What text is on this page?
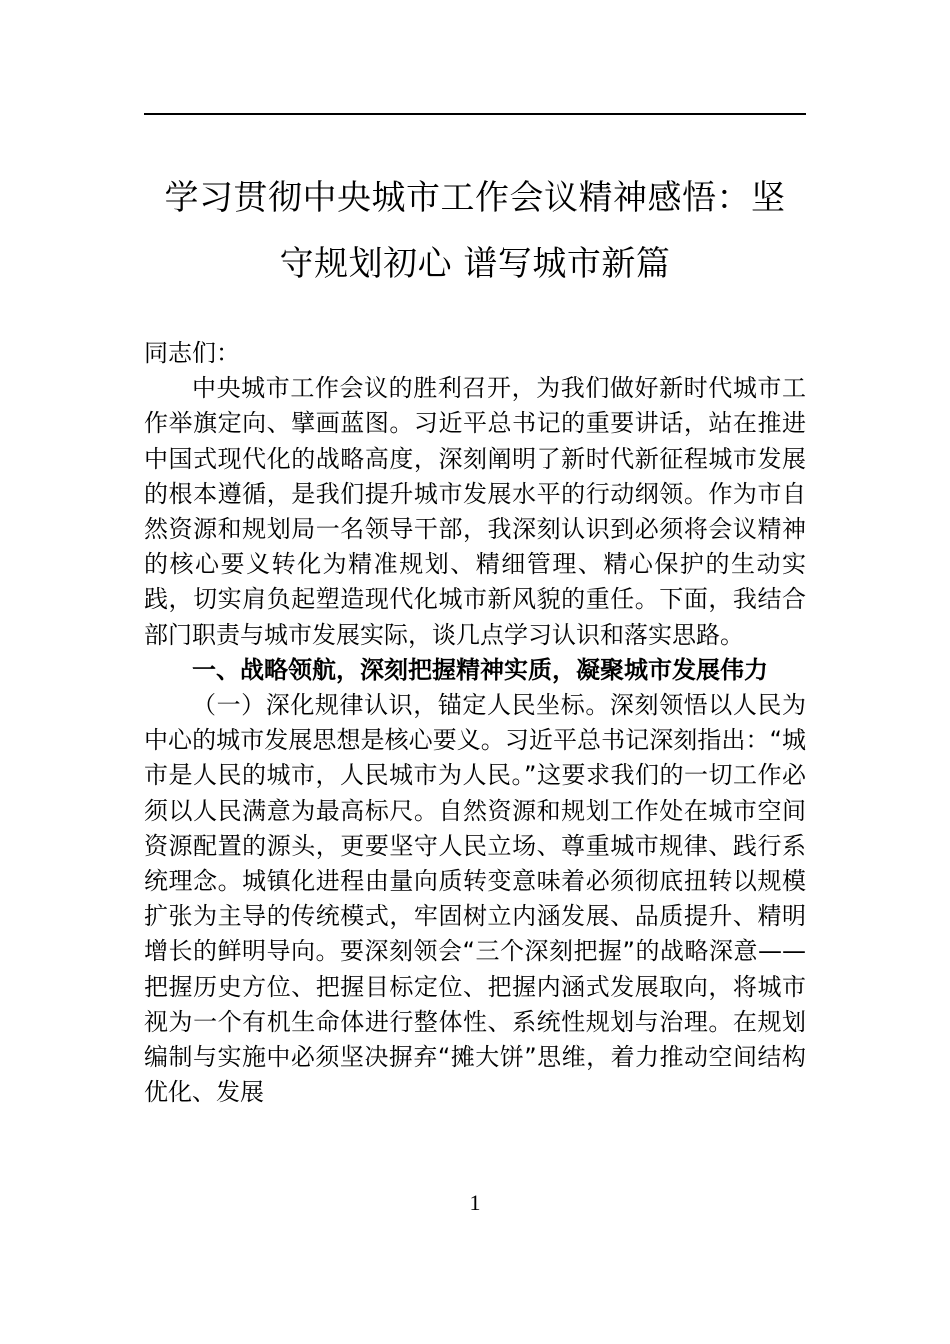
学习贯彻中央城市工作会议精神感悟：坚
守规划初心 谱写城市新篇

同志们：

中央城市工作会议的胜利召开，为我们做好新时代城市工作举旗定向、擘画蓝图。习近平总书记的重要讲话，站在推进中国式现代化的战略高度，深刻阐明了新时代新征程城市发展的根本遵循，是我们提升城市发展水平的行动纲领。作为市自然资源和规划局一名领导干部，我深刻认识到必须将会议精神的核心要义转化为精准规划、精细管理、精心保护的生动实践，切实肩负起塑造现代化城市新风貌的重任。下面，我结合部门职责与城市发展实际，谈几点学习认识和落实思路。

一、战略领航，深刻把握精神实质，凝聚城市发展伟力

（一）深化规律认识，锚定人民坐标。深刻领悟以人民为中心的城市发展思想是核心要义。习近平总书记深刻指出：“城市是人民的城市，人民城市为人民。”这要求我们的一切工作必须以人民满意为最高标尺。自然资源和规划工作处在城市空间资源配置的源头，更要坚守人民立场、尊重城市规律、践行系统理念。城镇化进程由量向质转变意味着必须彻底扭转以规模扩张为主导的传统模式，牢固树立内涵发展、品质提升、精明增长的鲜明导向。要深刻领会“三个深刻把握”的战略深意——把握历史方位、把握目标定位、把握内涵式发展取向，将城市视为一个有机生命体进行整体性、系统性规划与治理。在规划编制与实施中必须坚决摒弃“摊大饼”思维，着力推动空间结构优化、发展

1
